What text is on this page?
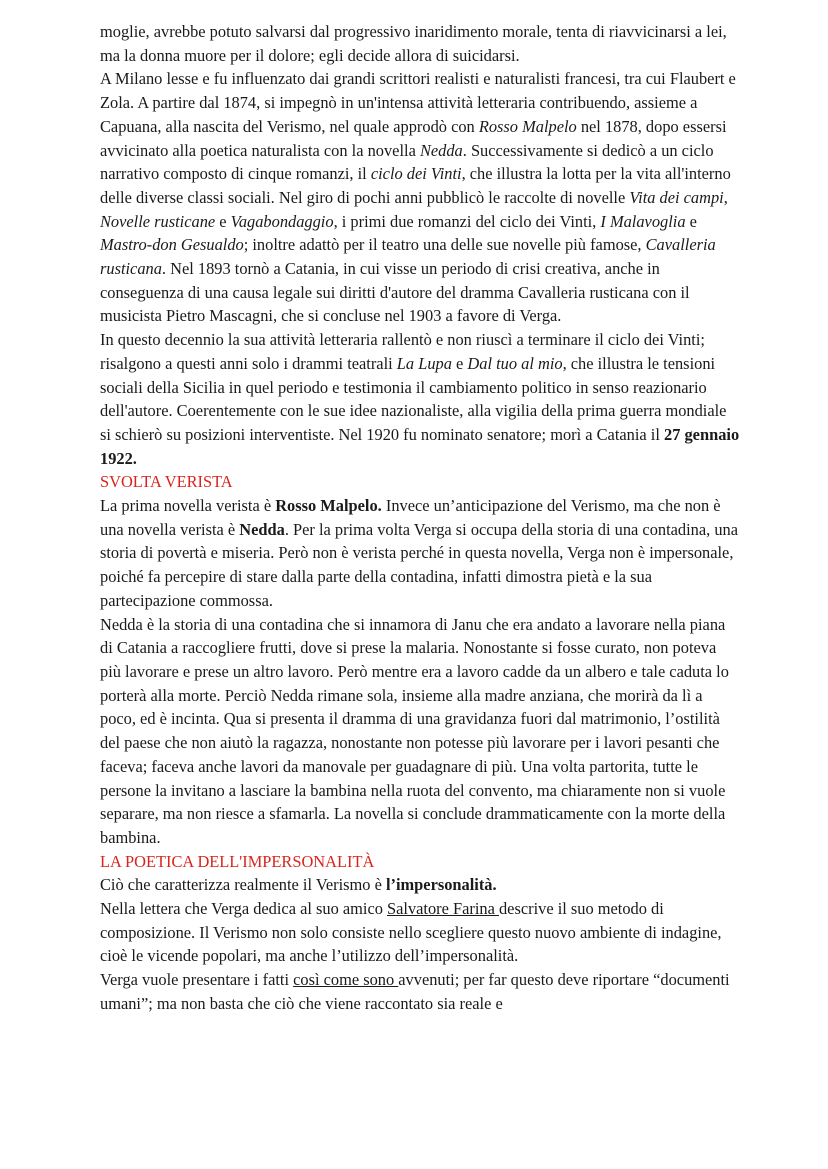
moglie, avrebbe potuto salvarsi dal progressivo inaridimento morale, tenta di riavvicinarsi a lei, ma la donna muore per il dolore; egli decide allora di suicidarsi.

A Milano lesse e fu influenzato dai grandi scrittori realisti e naturalisti francesi, tra cui Flaubert e Zola. A partire dal 1874, si impegnò in un'intensa attività letteraria contribuendo, assieme a Capuana, alla nascita del Verismo, nel quale approdò con Rosso Malpelo nel 1878, dopo essersi avvicinato alla poetica naturalista con la novella Nedda. Successivamente si dedicò a un ciclo narrativo composto di cinque romanzi, il ciclo dei Vinti, che illustra la lotta per la vita all'interno delle diverse classi sociali. Nel giro di pochi anni pubblicò le raccolte di novelle Vita dei campi, Novelle rusticane e Vagabondaggio, i primi due romanzi del ciclo dei Vinti, I Malavoglia e Mastro-don Gesualdo; inoltre adattò per il teatro una delle sue novelle più famose, Cavalleria rusticana. Nel 1893 tornò a Catania, in cui visse un periodo di crisi creativa, anche in conseguenza di una causa legale sui diritti d'autore del dramma Cavalleria rusticana con il musicista Pietro Mascagni, che si concluse nel 1903 a favore di Verga.

In questo decennio la sua attività letteraria rallentò e non riuscì a terminare il ciclo dei Vinti; risalgono a questi anni solo i drammi teatrali La Lupa e Dal tuo al mio, che illustra le tensioni sociali della Sicilia in quel periodo e testimonia il cambiamento politico in senso reazionario dell'autore. Coerentemente con le sue idee nazionaliste, alla vigilia della prima guerra mondiale si schierò su posizioni interventiste. Nel 1920 fu nominato senatore; morì a Catania il 27 gennaio 1922.

SVOLTA VERISTA

La prima novella verista è Rosso Malpelo. Invece un’anticipazione del Verismo, ma che non è una novella verista è Nedda. Per la prima volta Verga si occupa della storia di una contadina, una storia di povertà e miseria. Però non è verista perché in questa novella, Verga non è impersonale, poiché fa percepire di stare dalla parte della contadina, infatti dimostra pietà e la sua partecipazione commossa.

Nedda è la storia di una contadina che si innamora di Janu che era andato a lavorare nella piana di Catania a raccogliere frutti, dove si prese la malaria. Nonostante si fosse curato, non poteva più lavorare e prese un altro lavoro. Però mentre era a lavoro cadde da un albero e tale caduta lo porterà alla morte. Perciò Nedda rimane sola, insieme alla madre anziana, che morirà da lì a poco, ed è incinta. Qua si presenta il dramma di una gravidanza fuori dal matrimonio, l’ostilità del paese che non aiutò la ragazza, nonostante non potesse più lavorare per i lavori pesanti che faceva; faceva anche lavori da manovale per guadagnare di più. Una volta partorita, tutte le persone la invitano a lasciare la bambina nella ruota del convento, ma chiaramente non si vuole separare, ma non riesce a sfamarla. La novella si conclude drammaticamente con la morte della bambina.

LA POETICA DELL'IMPERSONALITÀ

Ciò che caratterizza realmente il Verismo è l’impersonalità.

Nella lettera che Verga dedica al suo amico Salvatore Farina descrive il suo metodo di composizione. Il Verismo non solo consiste nello scegliere questo nuovo ambiente di indagine, cioè le vicende popolari, ma anche l’utilizzo dell’impersonalità.

Verga vuole presentare i fatti così come sono avvenuti; per far questo deve riportare “documenti umani”; ma non basta che ciò che viene raccontato sia reale e
